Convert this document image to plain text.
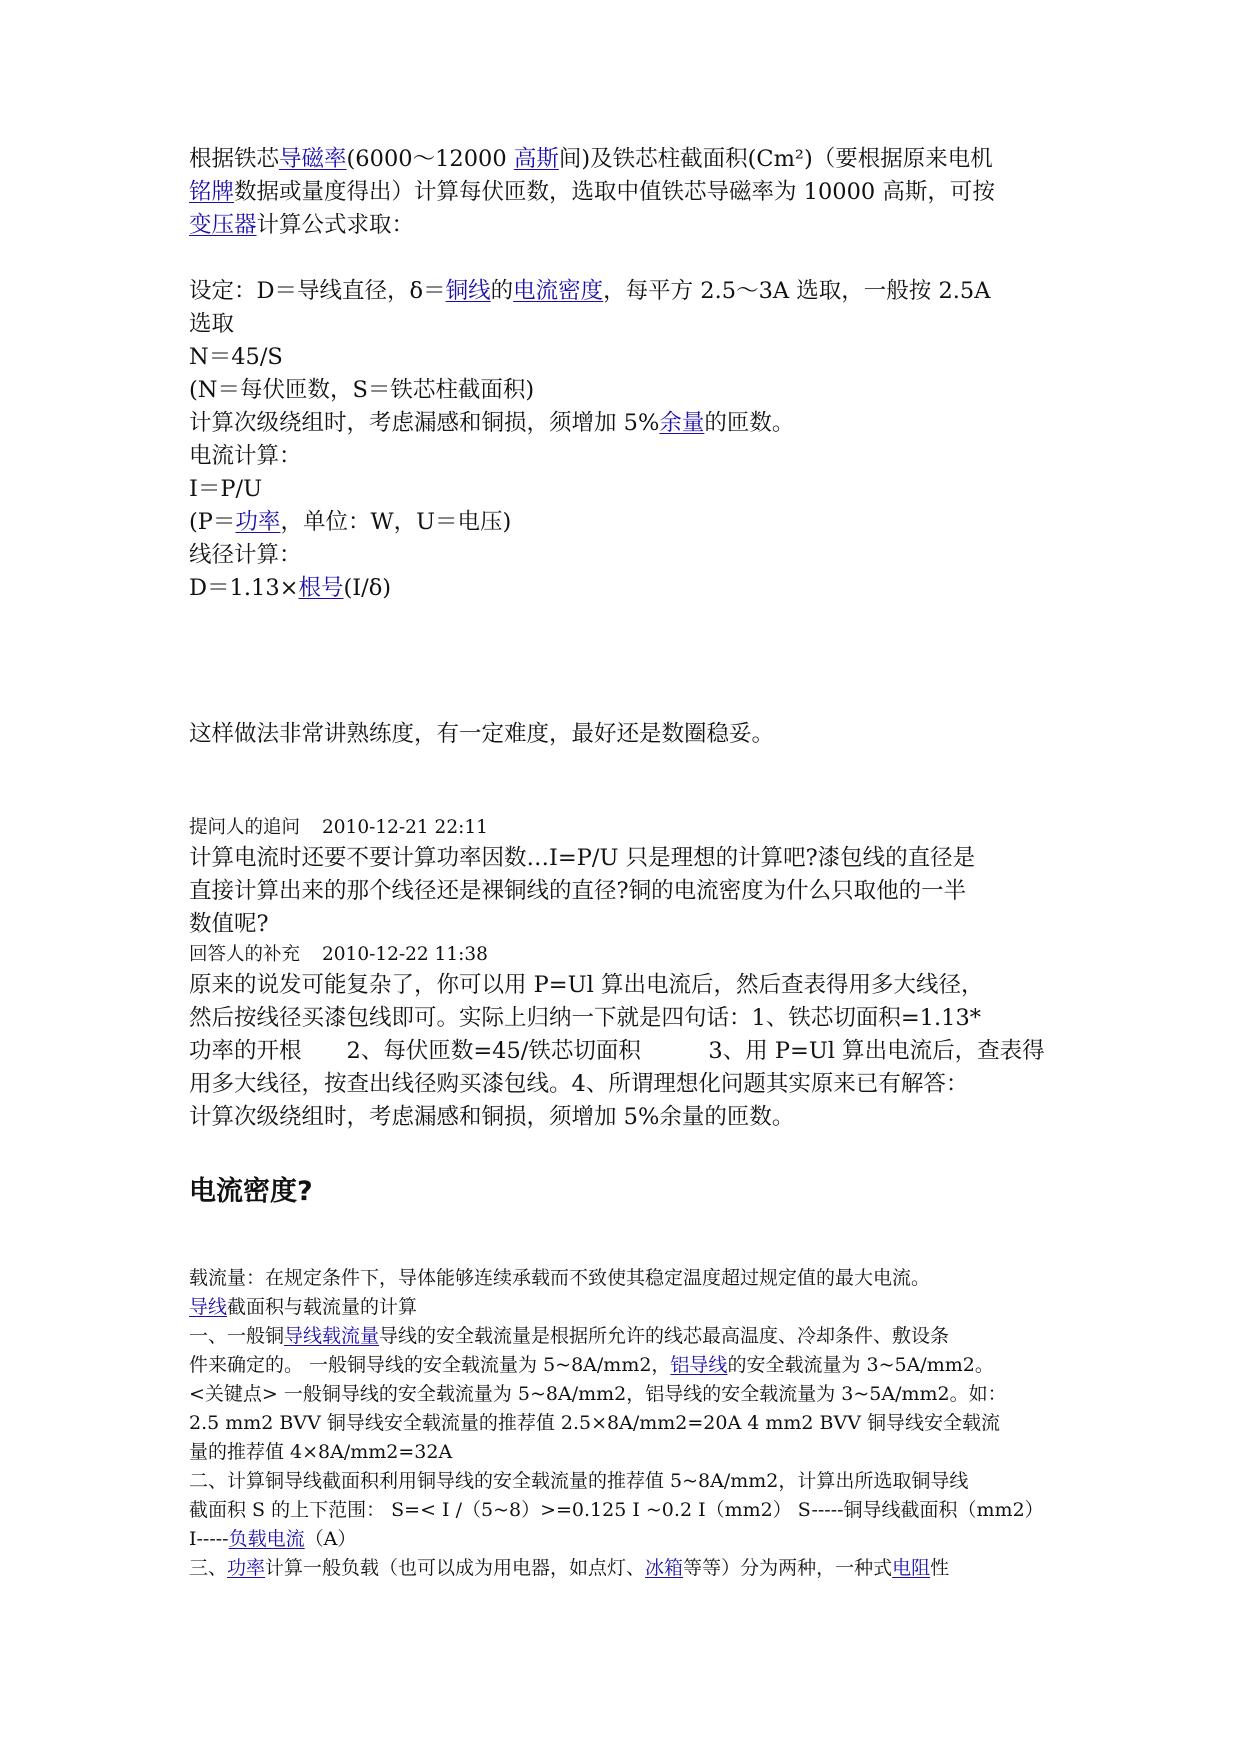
根据铁芯导磁率(6000～12000 高斯间)及铁芯柱截面积(Cm²)（要根据原来电机

铭牌数据或量度得出）计算每伏匝数，选取中值铁芯导磁率为 10000 高斯，可按

变压器计算公式求取：

设定：D＝导线直径，δ＝铜线的电流密度，每平方 2.5～3A 选取，一般按 2.5A

选取

N＝45/S

(N＝每伏匝数，S＝铁芯柱截面积)

计算次级绕组时，考虑漏感和铜损，须增加 5%余量的匝数。

电流计算：

I＝P/U

(P＝功率，单位：W，U＝电压)

线径计算：

D＝1.13×根号(I/δ)

这样做法非常讲熟练度，有一定难度，最好还是数圈稳妥。

提问人的追问 2010-12-21 22:11

计算电流时还要不要计算功率因数…I=P/U 只是理想的计算吧?漆包线的直径是

直接计算出来的那个线径还是裸铜线的直径?铜的电流密度为什么只取他的一半

数值呢?

回答人的补充 2010-12-22 11:38

原来的说发可能复杂了，你可以用 P=Ul 算出电流后，然后查表得用多大线径，

然后按线径买漆包线即可。实际上归纳一下就是四句话：1、铁芯切面积=1.13*

功率的开根　　2、每伏匝数=45/铁芯切面积　　　3、用 P=Ul 算出电流后，查表得

用多大线径，按查出线径购买漆包线。4、所谓理想化问题其实原来已有解答：

计算次级绕组时，考虑漏感和铜损，须增加 5%余量的匝数。

电流密度?

载流量：在规定条件下，导体能够连续承载而不致使其稳定温度超过规定值的最大电流。

导线截面积与载流量的计算

一、一般铜导线载流量导线的安全载流量是根据所允许的线芯最高温度、冷却条件、敷设条

件来确定的。 一般铜导线的安全载流量为 5~8A/mm2，铝导线的安全载流量为 3~5A/mm2。

<关键点> 一般铜导线的安全载流量为 5~8A/mm2，铝导线的安全载流量为 3~5A/mm2。如：

2.5 mm2 BVV 铜导线安全载流量的推荐值 2.5×8A/mm2=20A 4 mm2 BVV 铜导线安全载流

量的推荐值 4×8A/mm2=32A

二、计算铜导线截面积利用铜导线的安全载流量的推荐值 5~8A/mm2，计算出所选取铜导线

截面积 S 的上下范围： S=< I /（5~8）>=0.125 I ~0.2 I（mm2） S-----铜导线截面积（mm2）

I-----负载电流（A）

三、功率计算一般负载（也可以成为用电器，如点灯、冰箱等等）分为两种，一种式电阻性
